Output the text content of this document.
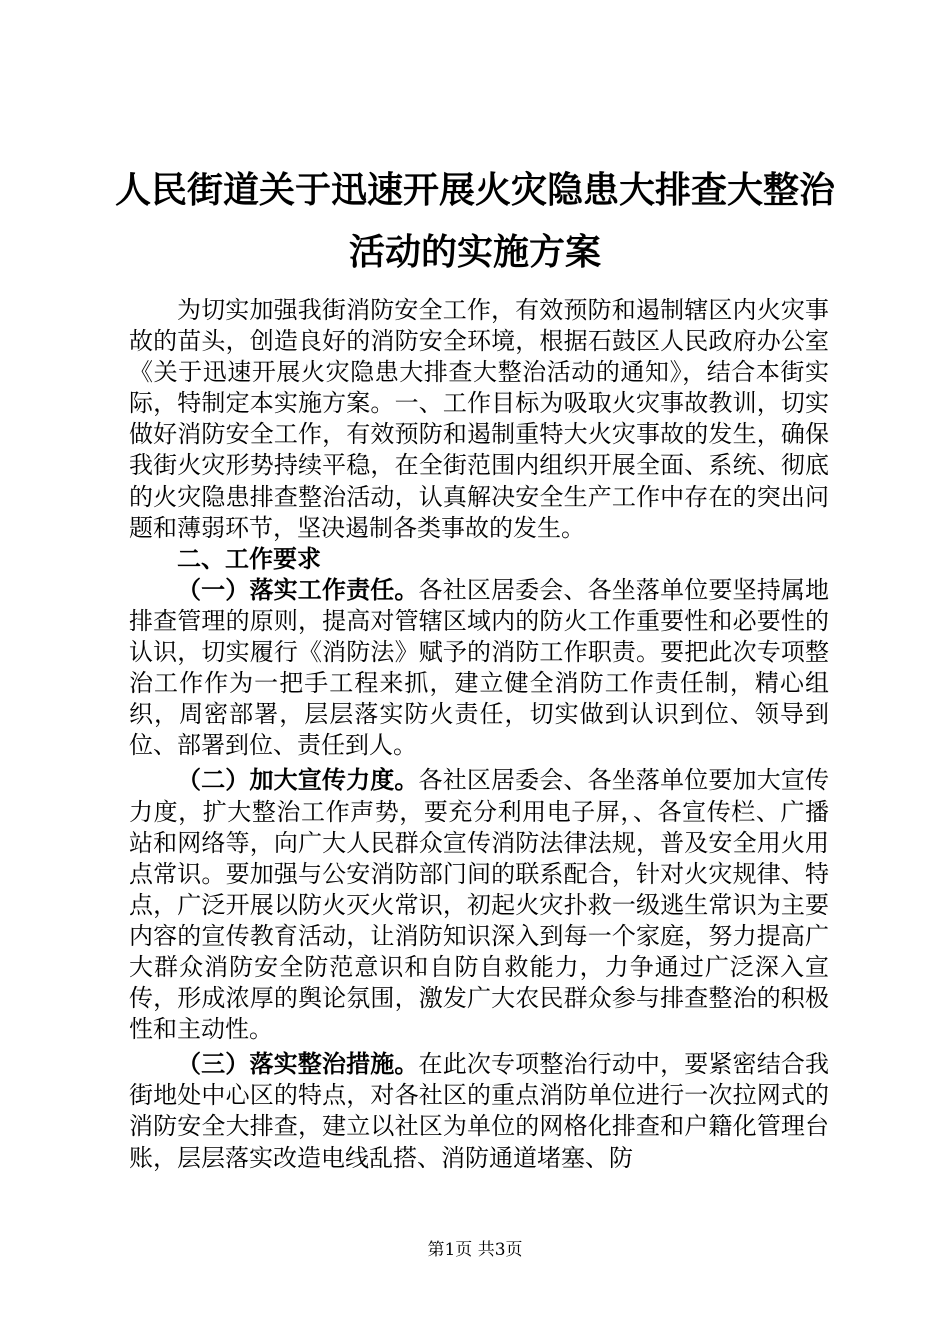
人民街道关于迅速开展火灾隐患大排查大整治
活动的实施方案

为切实加强我街消防安全工作，有效预防和遏制辖区内火灾事故的苗头，创造良好的消防安全环境，根据石鼓区人民政府办公室《关于迅速开展火灾隐患大排查大整治活动的通知》，结合本街实际，特制定本实施方案。一、工作目标为吸取火灾事故教训，切实做好消防安全工作，有效预防和遏制重特大火灾事故的发生，确保我街火灾形势持续平稳，在全街范围内组织开展全面、系统、彻底的火灾隐患排查整治活动，认真解决安全生产工作中存在的突出问题和薄弱环节，坚决遏制各类事故的发生。

二、工作要求

（一）落实工作责任。各社区居委会、各坐落单位要坚持属地排查管理的原则，提高对管辖区域内的防火工作重要性和必要性的认识，切实履行《消防法》赋予的消防工作职责。要把此次专项整治工作作为一把手工程来抓，建立健全消防工作责任制，精心组织，周密部署，层层落实防火责任，切实做到认识到位、领导到位、部署到位、责任到人。

（二）加大宣传力度。各社区居委会、各坐落单位要加大宣传力度，扩大整治工作声势，要充分利用电子屏，、各宣传栏、广播站和网络等，向广大人民群众宣传消防法律法规，普及安全用火用点常识。要加强与公安消防部门间的联系配合，针对火灾规律、特点，广泛开展以防火灭火常识，初起火灾扑救一级逃生常识为主要内容的宣传教育活动，让消防知识深入到每一个家庭，努力提高广大群众消防安全防范意识和自防自救能力，力争通过广泛深入宣传，形成浓厚的舆论氛围，激发广大农民群众参与排查整治的积极性和主动性。

（三）落实整治措施。在此次专项整治行动中，要紧密结合我街地处中心区的特点，对各社区的重点消防单位进行一次拉网式的消防安全大排查，建立以社区为单位的网格化排查和户籍化管理台账，层层落实改造电线乱搭、消防通道堵塞、防

第1页 共3页
